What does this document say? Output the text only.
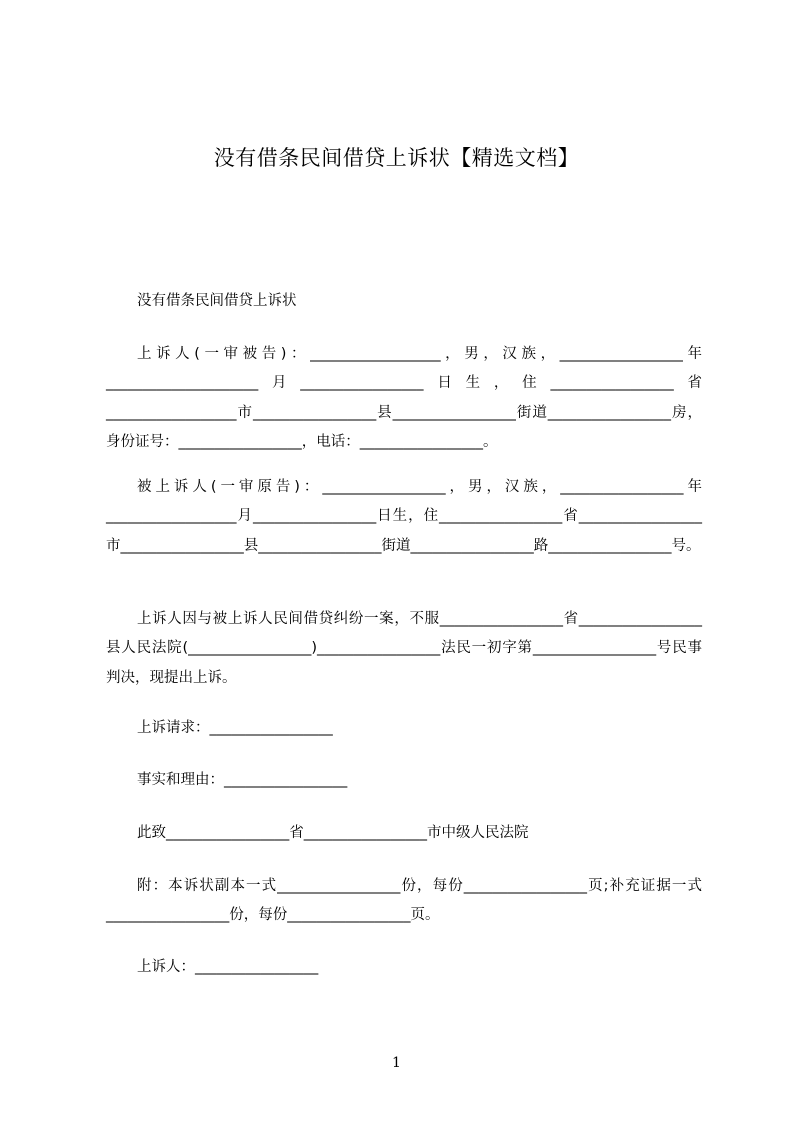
没有借条民间借贷上诉状【精选文档】
没有借条民间借贷上诉状
上诉人(一审被告)：__________________，男，汉族，_________________年_____________________月_________________日生，住_________________省__________________市_________________县_________________街道_________________房，身份证号：_________________，电话：_________________。
被上诉人(一审原告)：_________________，男，汉族，_________________年__________________月_________________日生，住_________________省_________________市_________________县_________________街道_________________路_________________号。
上诉人因与被上诉人民间借贷纠纷一案，不服_________________省_________________县人民法院(_________________)_________________法民一初字第_________________号民事判决，现提出上诉。
上诉请求：_________________
事实和理由：_________________
此致_________________省_________________市中级人民法院
附：本诉状副本一式_________________份，每份_________________页;补充证据一式_________________份，每份_________________页。
上诉人：_________________
1
